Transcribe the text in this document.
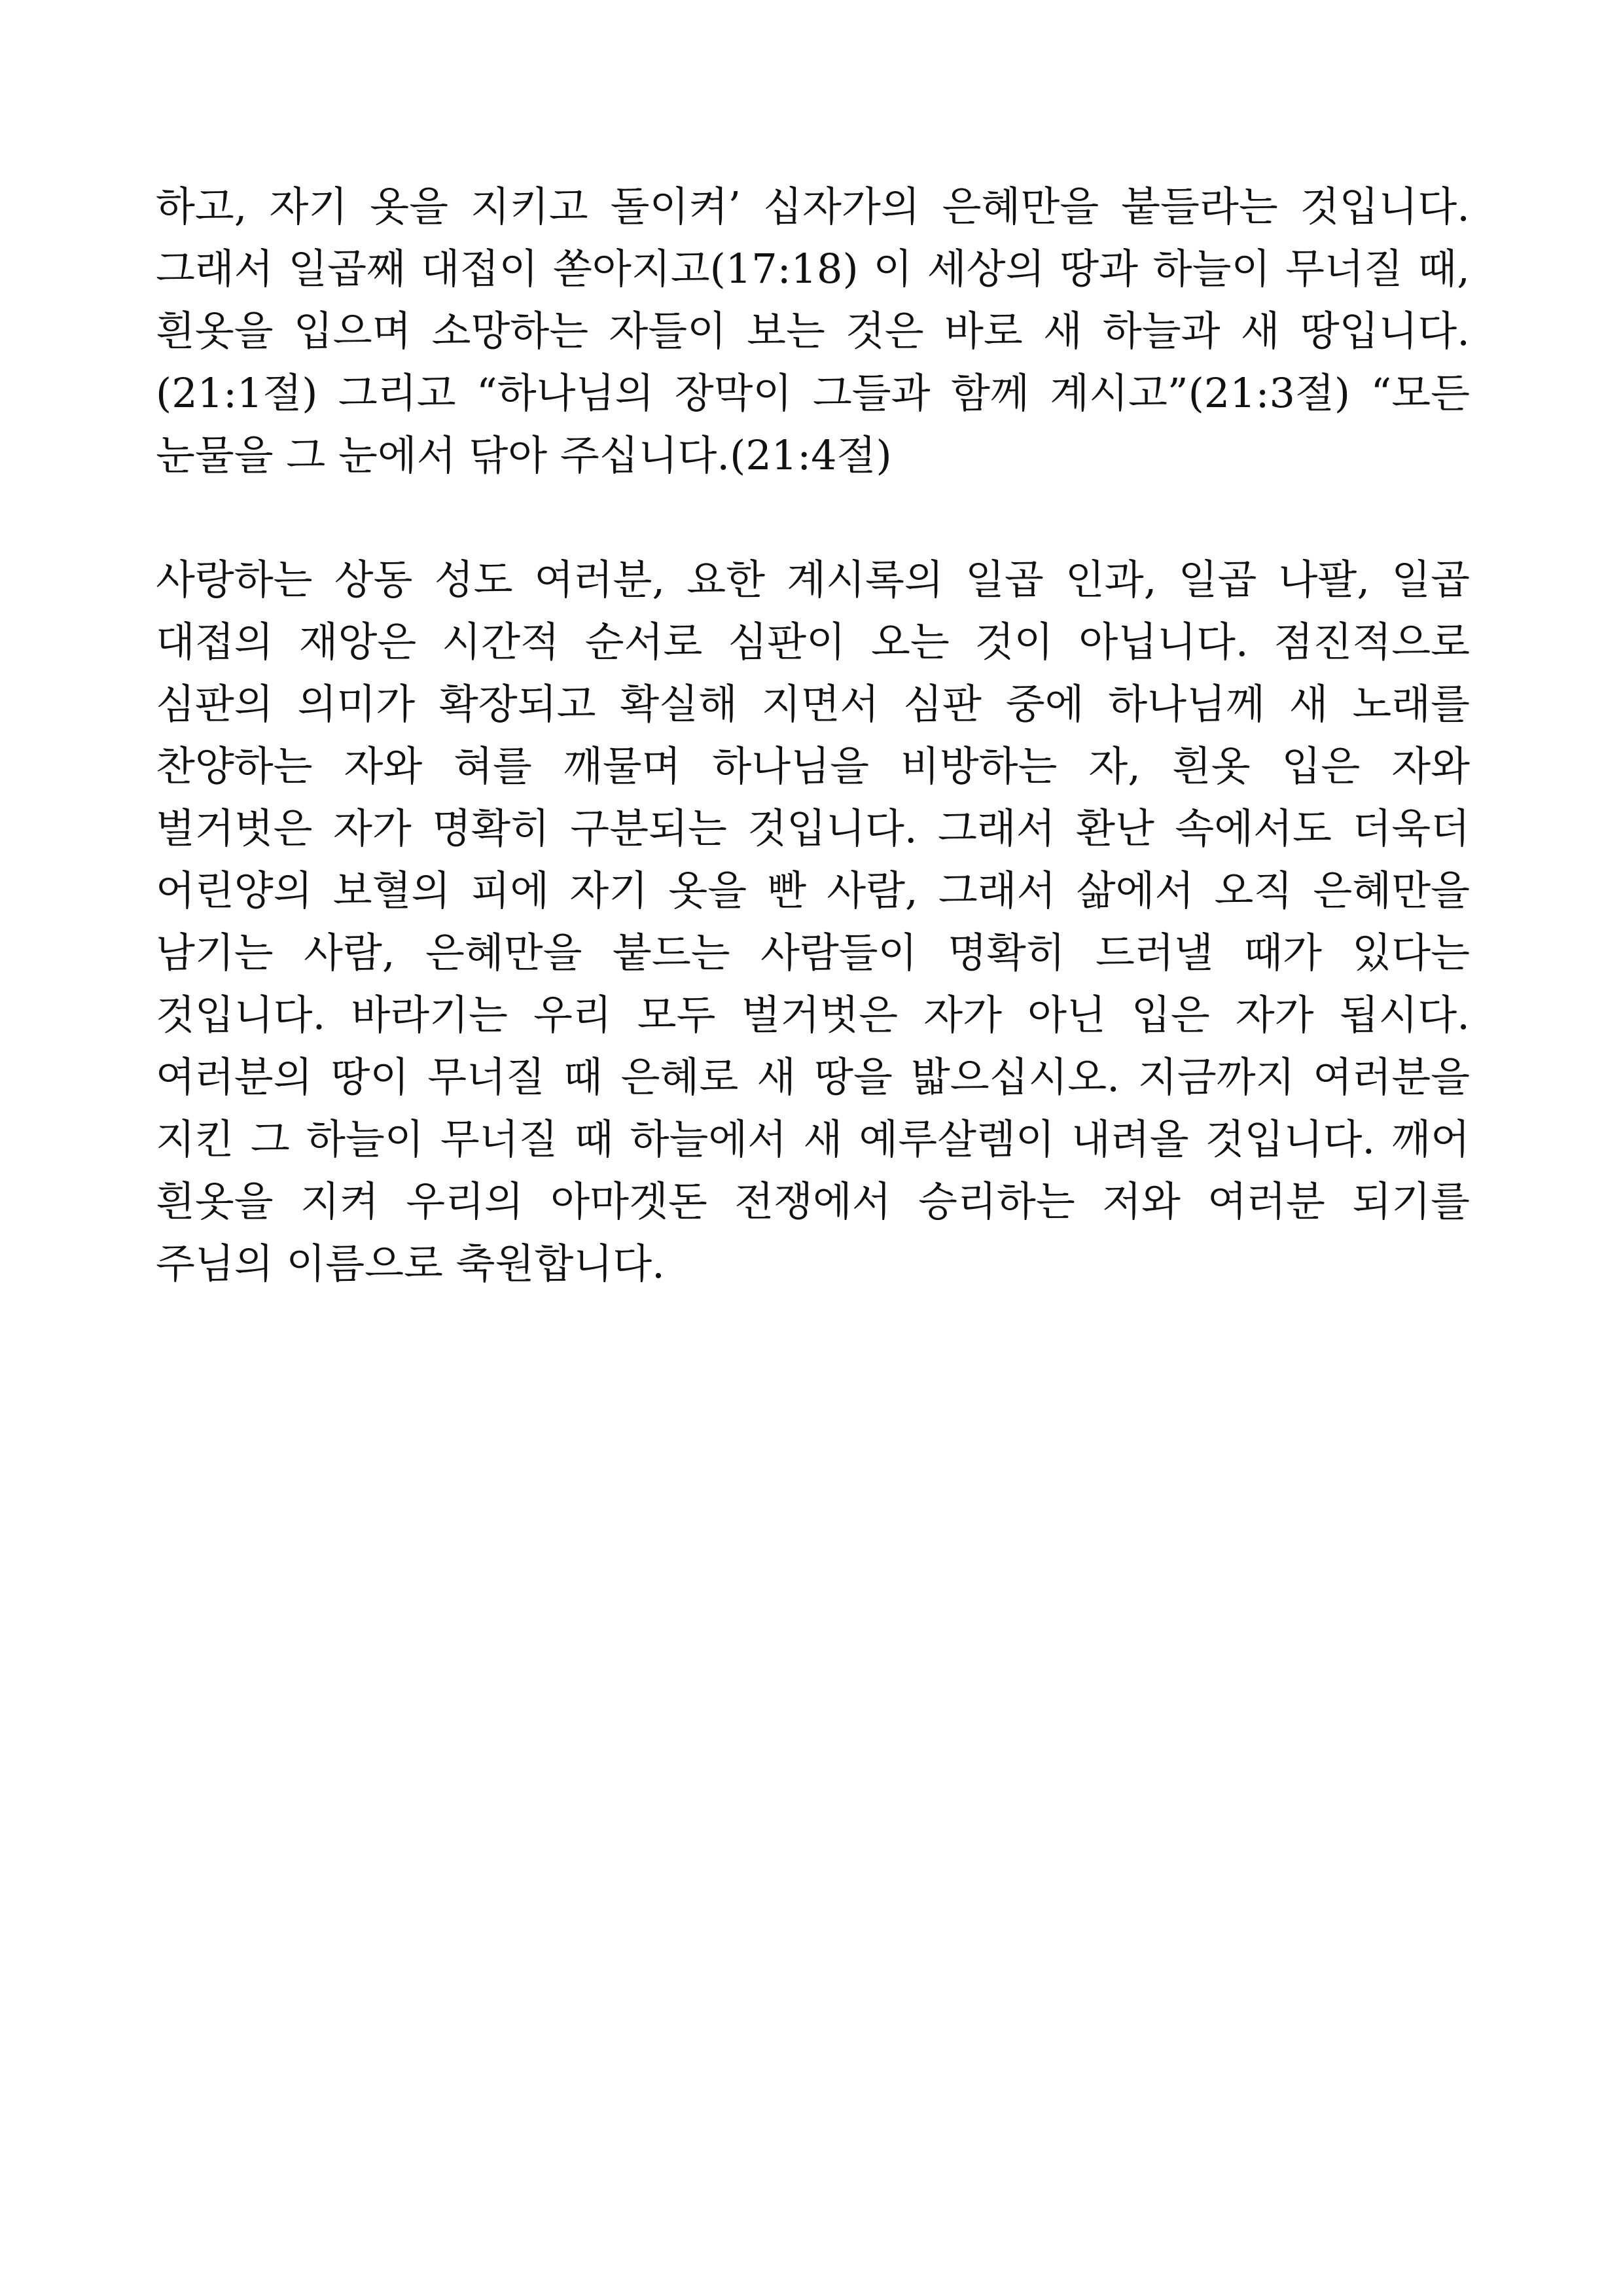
하고, 자기 옷을 지키고 돌이켜’ 십자가의 은혜만을 붙들라는 것입니다. 그래서 일곱째 대접이 쏟아지고(17:18) 이 세상의 땅과 하늘이 무너질 때, 흰옷을 입으며 소망하는 자들이 보는 것은 바로 새 하늘과 새 땅입니다.(21:1절) 그리고 “하나님의 장막이 그들과 함께 계시고”(21:3절) “모든 눈물을 그 눈에서 닦아 주십니다.(21:4절)

사랑하는 상동 성도 여러분, 요한 계시록의 일곱 인과, 일곱 나팔, 일곱 대접의 재앙은 시간적 순서로 심판이 오는 것이 아닙니다. 점진적으로 심판의 의미가 확장되고 확실해 지면서 심판 중에 하나님께 새 노래를 찬양하는 자와 혀를 깨물며 하나님을 비방하는 자, 흰옷 입은 자와 벌거벗은 자가 명확히 구분되는 것입니다. 그래서 환난 속에서도 더욱더 어린양의 보혈의 피에 자기 옷을 빤 사람, 그래서 삶에서 오직 은혜만을 남기는 사람, 은혜만을 붙드는 사람들이 명확히 드러낼 때가 있다는 것입니다. 바라기는 우리 모두 벌거벗은 자가 아닌 입은 자가 됩시다. 여러분의 땅이 무너질 때 은혜로 새 땅을 밟으십시오. 지금까지 여러분을 지킨 그 하늘이 무너질 때 하늘에서 새 예루살렘이 내려올 것입니다. 깨어 흰옷을 지켜 우리의 아마겟돈 전쟁에서 승리하는 저와 여러분 되기를 주님의 이름으로 축원합니다.
